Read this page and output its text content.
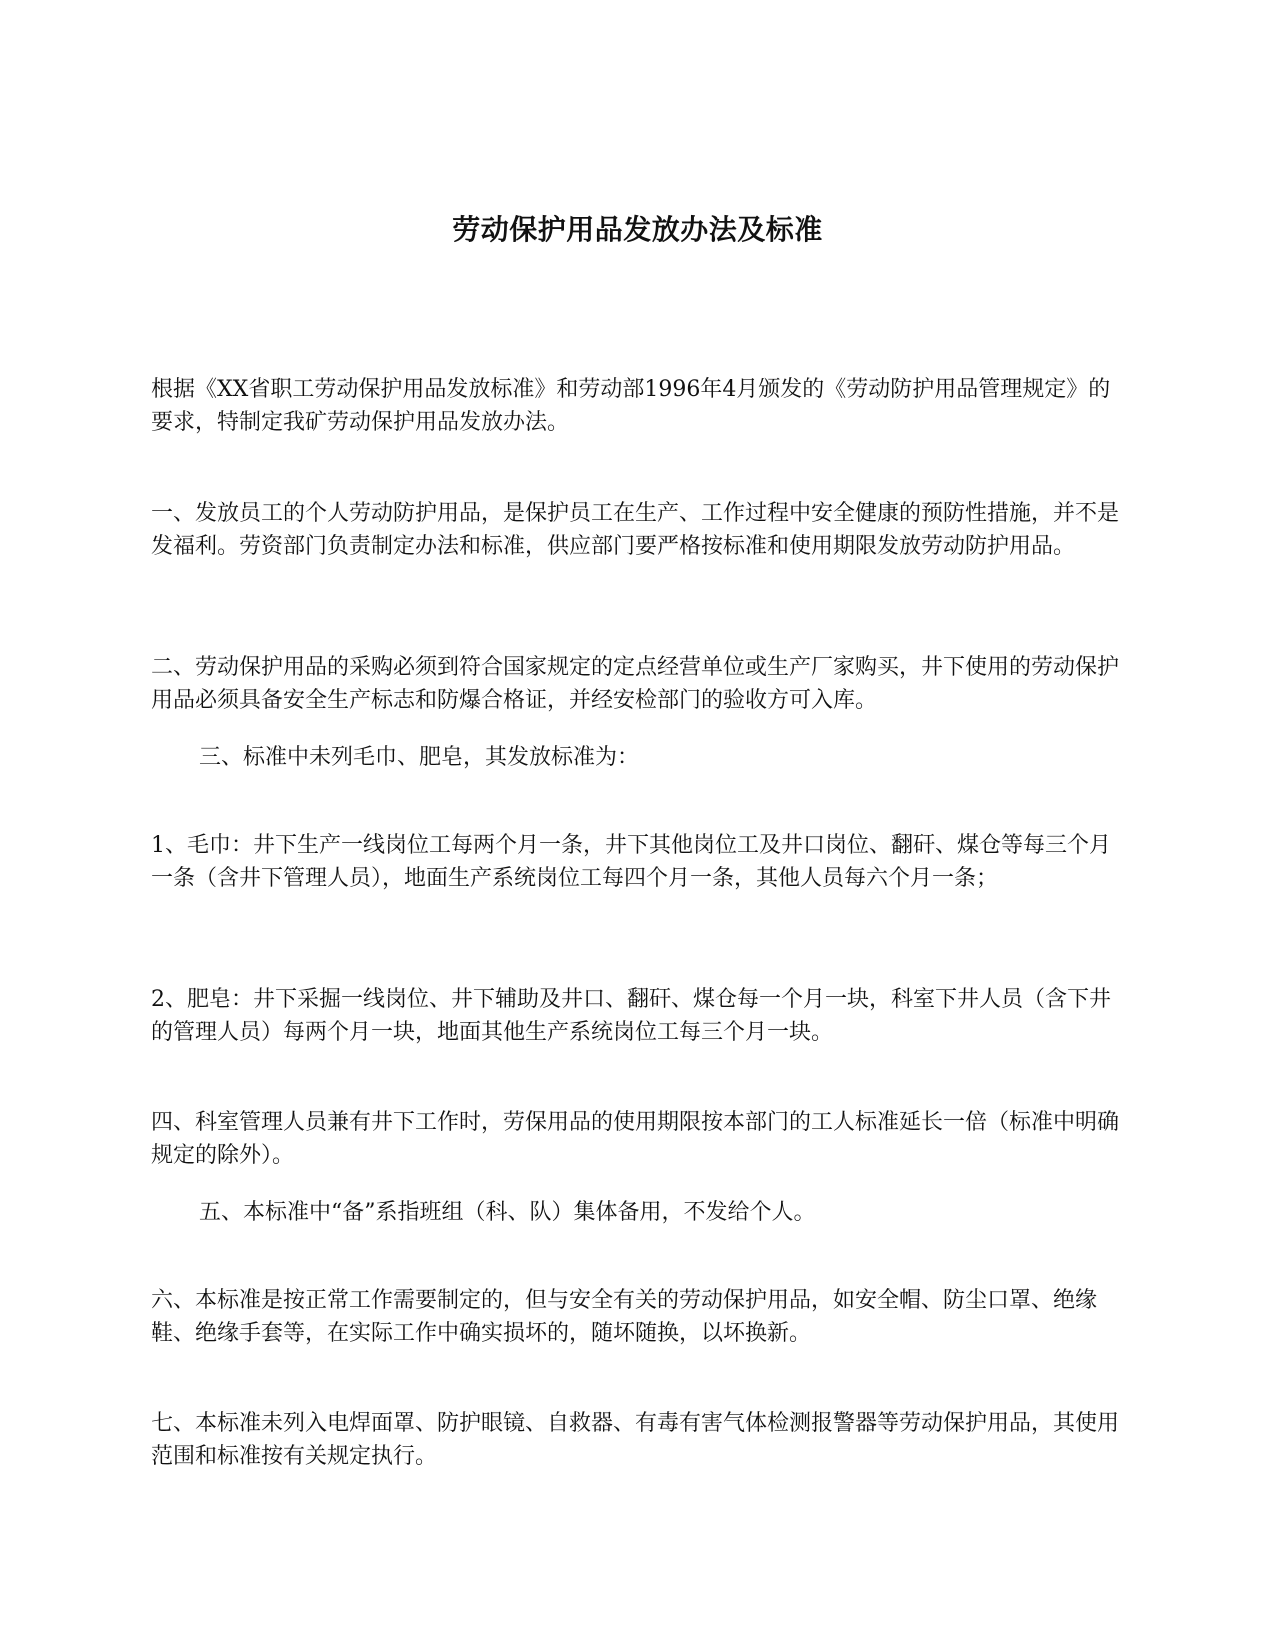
劳动保护用品发放办法及标准
根据《XX省职工劳动保护用品发放标准》和劳动部1996年4月颁发的《劳动防护用品管理规定》的要求，特制定我矿劳动保护用品发放办法。
一、发放员工的个人劳动防护用品，是保护员工在生产、工作过程中安全健康的预防性措施，并不是发福利。劳资部门负责制定办法和标准，供应部门要严格按标准和使用期限发放劳动防护用品。
二、劳动保护用品的采购必须到符合国家规定的定点经营单位或生产厂家购买，井下使用的劳动保护用品必须具备安全生产标志和防爆合格证，并经安检部门的验收方可入库。
三、标准中未列毛巾、肥皂，其发放标准为：
1、毛巾：井下生产一线岗位工每两个月一条，井下其他岗位工及井口岗位、翻矸、煤仓等每三个月一条（含井下管理人员），地面生产系统岗位工每四个月一条，其他人员每六个月一条；
2、肥皂：井下采掘一线岗位、井下辅助及井口、翻矸、煤仓每一个月一块，科室下井人员（含下井的管理人员）每两个月一块，地面其他生产系统岗位工每三个月一块。
四、科室管理人员兼有井下工作时，劳保用品的使用期限按本部门的工人标准延长一倍（标准中明确规定的除外）。
五、本标准中“备”系指班组（科、队）集体备用，不发给个人。
六、本标准是按正常工作需要制定的，但与安全有关的劳动保护用品，如安全帽、防尘口罩、绝缘鞋、绝缘手套等，在实际工作中确实损坏的，随坏随换，以坏换新。
七、本标准未列入电焊面罩、防护眼镜、自救器、有毒有害气体检测报警器等劳动保护用品，其使用范围和标准按有关规定执行。
